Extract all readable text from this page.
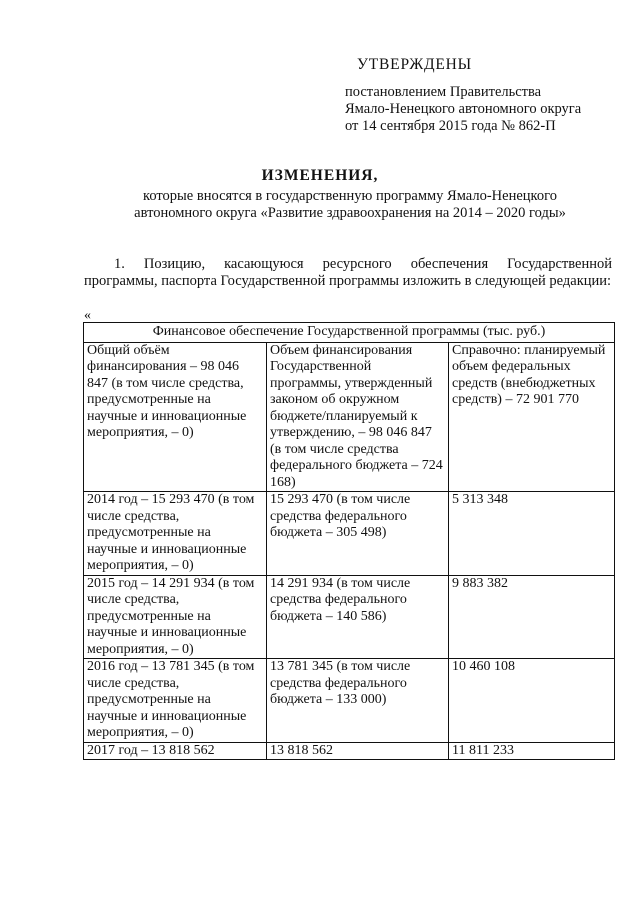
УТВЕРЖДЕНЫ
постановлением Правительства
Ямало-Ненецкого автономного округа
от 14 сентября 2015 года № 862-П
ИЗМЕНЕНИЯ,
которые вносятся в государственную программу Ямало-Ненецкого автономного округа «Развитие здравоохранения на 2014 – 2020 годы»
1. Позицию, касающуюся ресурсного обеспечения Государственной программы, паспорта Государственной программы изложить в следующей редакции:
«
Финансовое обеспечение Государственной программы (тыс. руб.)		
Общий объём финансирования – 98 046 847 (в том числе средства, предусмотренные на научные и инновационные мероприятия, – 0)	Объем финансирования Государственной программы, утвержденный законом об окружном бюджете/планируемый к утверждению, – 98 046 847 (в том числе средства федерального бюджета – 724 168)	Справочно: планируемый объем федеральных средств (внебюджетных средств) – 72 901 770
2014 год – 15 293 470 (в том числе средства, предусмотренные на научные и инновационные мероприятия, – 0)	15 293 470 (в том числе средства федерального бюджета – 305 498)	5 313 348
2015 год – 14 291 934 (в том числе средства, предусмотренные на научные и инновационные мероприятия, – 0)	14 291 934 (в том числе средства федерального бюджета – 140 586)	9 883 382
2016 год – 13 781 345 (в том числе средства, предусмотренные на научные и инновационные мероприятия, – 0)	13 781 345 (в том числе средства федерального бюджета – 133 000)	10 460 108
2017 год – 13 818 562	13 818 562	11 811 233
